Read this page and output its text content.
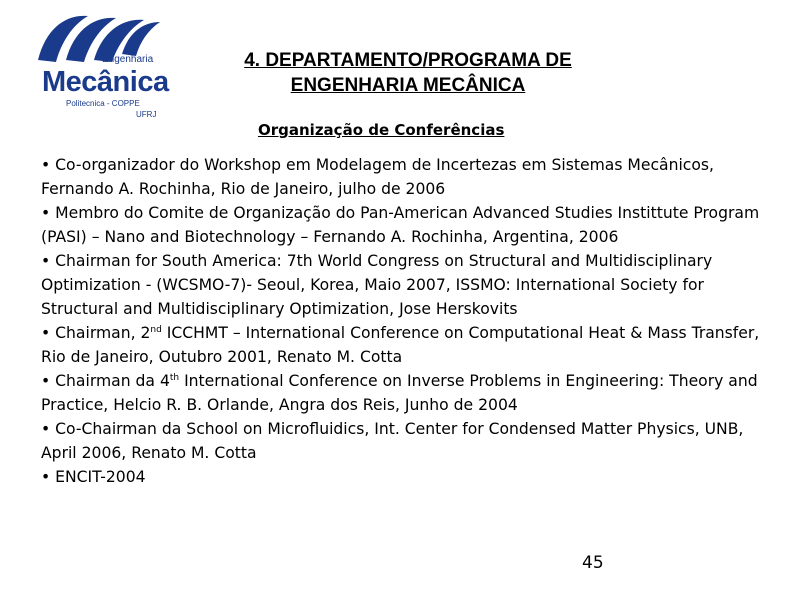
Engenharia
Mecânica
Politecnica - COPPE
UFRJ
4. DEPARTAMENTO/PROGRAMA DE
ENGENHARIA MECÂNICA
Organização de Conferências
• Co-organizador do Workshop em Modelagem de Incertezas em Sistemas Mecânicos, Fernando A. Rochinha, Rio de Janeiro, julho de 2006
• Membro do Comite de Organização do Pan-American Advanced Studies Instittute Program (PASI) – Nano and Biotechnology – Fernando A. Rochinha, Argentina, 2006
• Chairman for South America: 7th World Congress on Structural and Multidisciplinary Optimization - (WCSMO-7)- Seoul, Korea, Maio 2007, ISSMO: International Society for Structural and Multidisciplinary Optimization, Jose Herskovits
• Chairman, 2nd ICCHMT – International Conference on Computational Heat & Mass Transfer, Rio de Janeiro, Outubro 2001, Renato M. Cotta
• Chairman da 4th International Conference on Inverse Problems in Engineering: Theory and Practice, Helcio R. B. Orlande, Angra dos Reis, Junho de 2004
• Co-Chairman da School on Microfluidics, Int. Center for Condensed Matter Physics, UNB, April 2006, Renato M. Cotta
• ENCIT-2004
45
